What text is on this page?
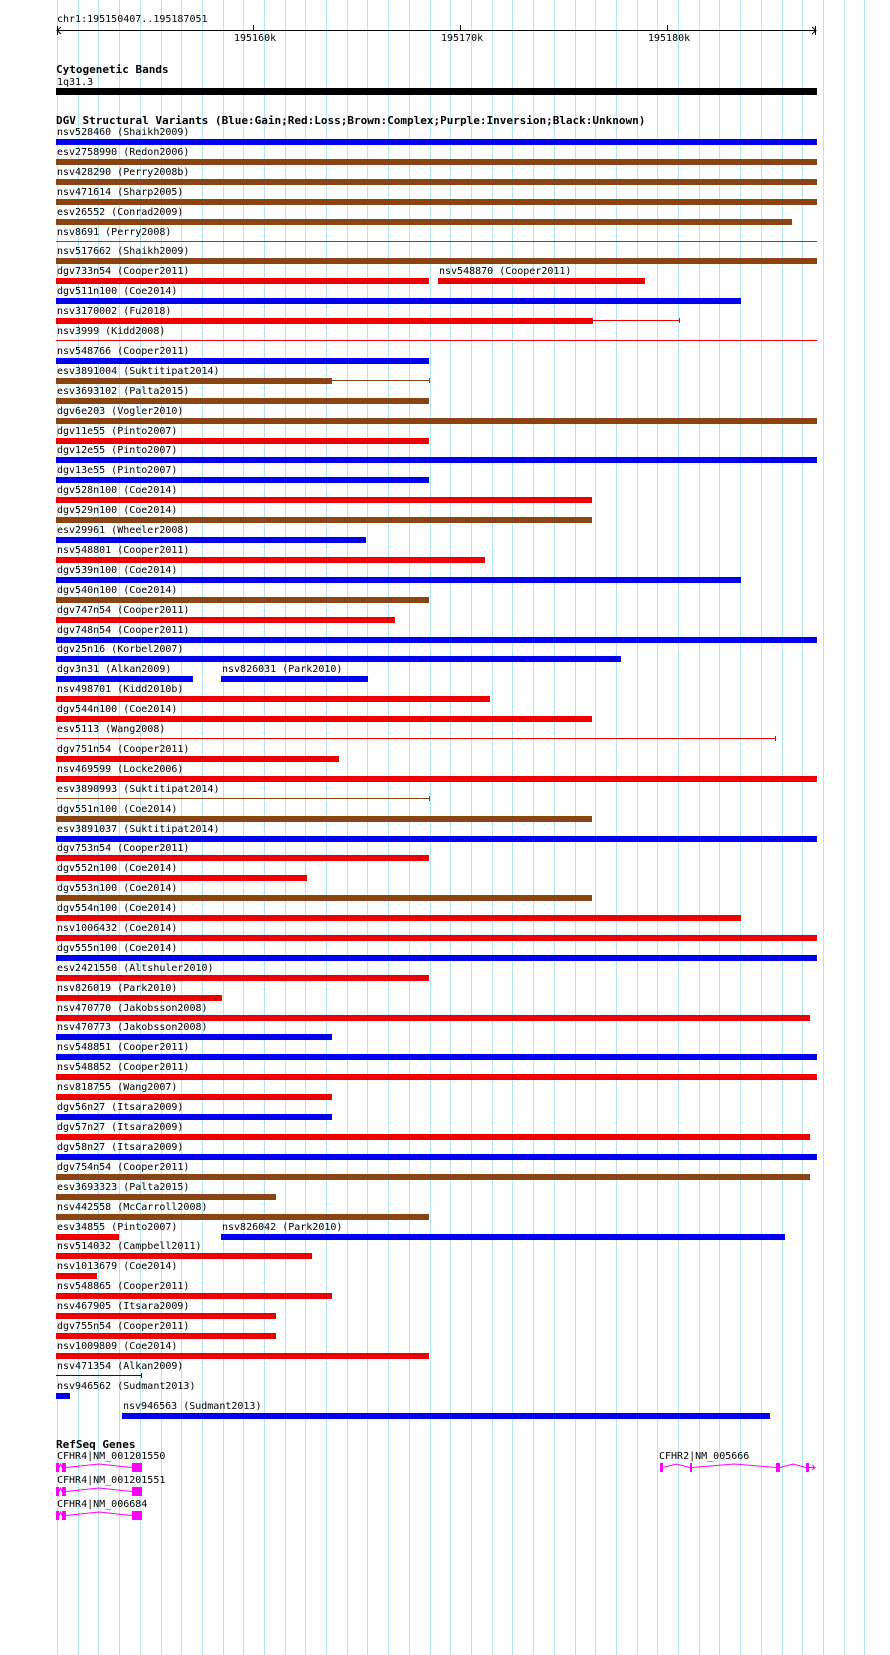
chr1:195150407..195187051
195160k	195170k	195180k
Cytogenetic Bands
1q31.3
DGV Structural Variants (Blue:Gain;Red:Loss;Brown:Complex;Purple:Inversion;Black:Unknown)
nsv528460 (Shaikh2009)
esv2758990 (Redon2006)
nsv428290 (Perry2008b)
nsv471614 (Sharp2005)
esv26552 (Conrad2009)
nsv8691 (Perry2008)
nsv517662 (Shaikh2009)
dgv733n54 (Cooper2011)	nsv548870 (Cooper2011)
dgv511n100 (Coe2014)
nsv3170002 (Fu2018)
nsv3999 (Kidd2008)
nsv548766 (Cooper2011)
esv3891004 (Suktitipat2014)
esv3693102 (Palta2015)
dgv6e203 (Vogler2010)
dgv11e55 (Pinto2007)
dgv12e55 (Pinto2007)
dgv13e55 (Pinto2007)
dgv528n100 (Coe2014)
dgv529n100 (Coe2014)
esv29961 (Wheeler2008)
nsv548801 (Cooper2011)
dgv539n100 (Coe2014)
dgv540n100 (Coe2014)
dgv747n54 (Cooper2011)
dgv748n54 (Cooper2011)
dgv25n16 (Korbel2007)
dgv3n31 (Alkan2009)	nsv826031 (Park2010)
nsv498701 (Kidd2010b)
dgv544n100 (Coe2014)
esv5113 (Wang2008)
dgv751n54 (Cooper2011)
nsv469599 (Locke2006)
esv3890993 (Suktitipat2014)
dgv551n100 (Coe2014)
esv3891037 (Suktitipat2014)
dgv753n54 (Cooper2011)
dgv552n100 (Coe2014)
dgv553n100 (Coe2014)
dgv554n100 (Coe2014)
nsv1006432 (Coe2014)
dgv555n100 (Coe2014)
esv2421550 (Altshuler2010)
nsv826019 (Park2010)
nsv470770 (Jakobsson2008)
nsv470773 (Jakobsson2008)
nsv548851 (Cooper2011)
nsv548852 (Cooper2011)
nsv818755 (Wang2007)
dgv56n27 (Itsara2009)
dgv57n27 (Itsara2009)
dgv58n27 (Itsara2009)
dgv754n54 (Cooper2011)
esv3693323 (Palta2015)
nsv442558 (McCarroll2008)
esv34855 (Pinto2007)	nsv826042 (Park2010)
nsv514032 (Campbell2011)
nsv1013679 (Coe2014)
nsv548865 (Cooper2011)
nsv467905 (Itsara2009)
dgv755n54 (Cooper2011)
nsv1009809 (Coe2014)
nsv471354 (Alkan2009)
nsv946562 (Sudmant2013)
nsv946563 (Sudmant2013)
RefSeq Genes
CFHR4|NM_001201550
CFHR4|NM_001201551
CFHR4|NM_006684
CFHR2|NM_005666
